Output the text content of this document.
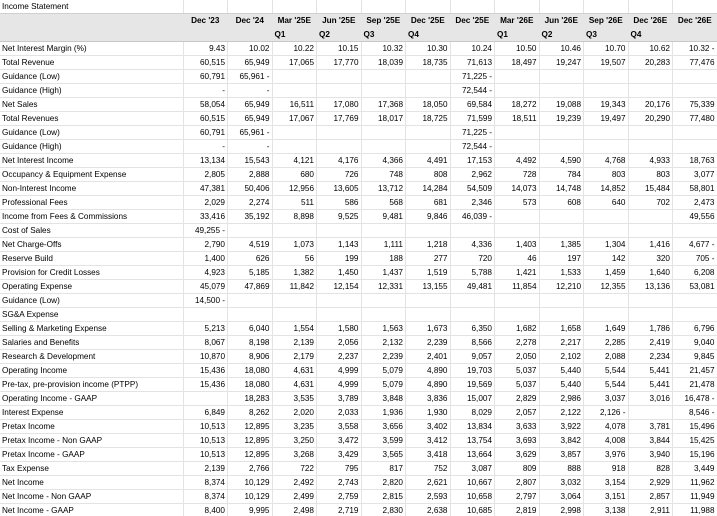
Income Statement													
	Dec '23	Dec '24	Mar '25E	Jun '25E	Sep '25E	Dec '25E	Dec '25E	Mar '26E	Jun '26E	Sep '26E	Dec '26E	Dec '26E	
			Q1	Q2	Q3	Q4		Q1	Q2	Q3	Q4		
Net Interest Margin (%)	9.43	10.02	10.22	10.15	10.32	10.30	10.24	10.50	10.46	10.70	10.62	10.32 -	
Total Revenue	60,515	65,949	17,065	17,770	18,039	18,735	71,613	18,497	19,247	19,507	20,283	77,476	
Guidance (Low)	60,791	65,961 -					71,225 -						
Guidance (High)	-	-					72,544 -						
Net Sales	58,054	65,949	16,511	17,080	17,368	18,050	69,584	18,272	19,088	19,343	20,176	75,339	
Total Revenues	60,515	65,949	17,067	17,769	18,017	18,725	71,599	18,511	19,239	19,497	20,290	77,480	
Guidance (Low)	60,791	65,961 -					71,225 -						
Guidance (High)	-	-					72,544 -						
Net Interest Income	13,134	15,543	4,121	4,176	4,366	4,491	17,153	4,492	4,590	4,768	4,933	18,763	
Occupancy & Equipment Expense	2,805	2,888	680	726	748	808	2,962	728	784	803	803	3,077	
Non-Interest Income	47,381	50,406	12,956	13,605	13,712	14,284	54,509	14,073	14,748	14,852	15,484	58,801	
Professional Fees	2,029	2,274	511	586	568	681	2,346	573	608	640	702	2,473	
Income from Fees & Commissions	33,416	35,192	8,898	9,525	9,481	9,846	46,039 -					49,556	
Cost of Sales	49,255 -												
Net Charge-Offs	2,790	4,519	1,073	1,143	1,111	1,218	4,336	1,403	1,385	1,304	1,416	4,677 -	
Reserve Build	1,400	626	56	199	188	277	720	46	197	142	320	705 -	
Provision for Credit Losses	4,923	5,185	1,382	1,450	1,437	1,519	5,788	1,421	1,533	1,459	1,640	6,208	
Operating Expense	45,079	47,869	11,842	12,154	12,331	13,155	49,481	11,854	12,210	12,355	13,136	53,081	
Guidance (Low)	14,500 -												
SG&A Expense													
Selling & Marketing Expense	5,213	6,040	1,554	1,580	1,563	1,673	6,350	1,682	1,658	1,649	1,786	6,796	
Salaries and Benefits	8,067	8,198	2,139	2,056	2,132	2,239	8,566	2,278	2,217	2,285	2,419	9,040	
Research & Development	10,870	8,906	2,179	2,237	2,239	2,401	9,057	2,050	2,102	2,088	2,234	9,845	
Operating Income	15,436	18,080	4,631	4,999	5,079	4,890	19,703	5,037	5,440	5,544	5,441	21,457	
Pre-tax, pre-provision income (PTPP)	15,436	18,080	4,631	4,999	5,079	4,890	19,569	5,037	5,440	5,544	5,441	21,478	
Operating Income - GAAP		18,283	3,535	3,789	3,848	3,836	15,007	2,829	2,986	3,037	3,016	16,478 -	
Interest Expense	6,849	8,262	2,020	2,033	1,936	1,930	8,029	2,057	2,122	2,126 -		8,546 -	
Pretax Income	10,513	12,895	3,235	3,558	3,656	3,402	13,834	3,633	3,922	4,078	3,781	15,496	
Pretax Income - Non GAAP	10,513	12,895	3,250	3,472	3,599	3,412	13,754	3,693	3,842	4,008	3,844	15,425	
Pretax Income - GAAP	10,513	12,895	3,268	3,429	3,565	3,418	13,664	3,629	3,857	3,976	3,940	15,196	
Tax Expense	2,139	2,766	722	795	817	752	3,087	809	888	918	828	3,449	
Net Income	8,374	10,129	2,492	2,743	2,820	2,621	10,667	2,807	3,032	3,154	2,929	11,962	
Net Income - Non GAAP	8,374	10,129	2,499	2,759	2,815	2,593	10,658	2,797	3,064	3,151	2,857	11,949	
Net Income - GAAP	8,400	9,995	2,498	2,719	2,830	2,638	10,685	2,819	2,998	3,138	2,911	11,988	
